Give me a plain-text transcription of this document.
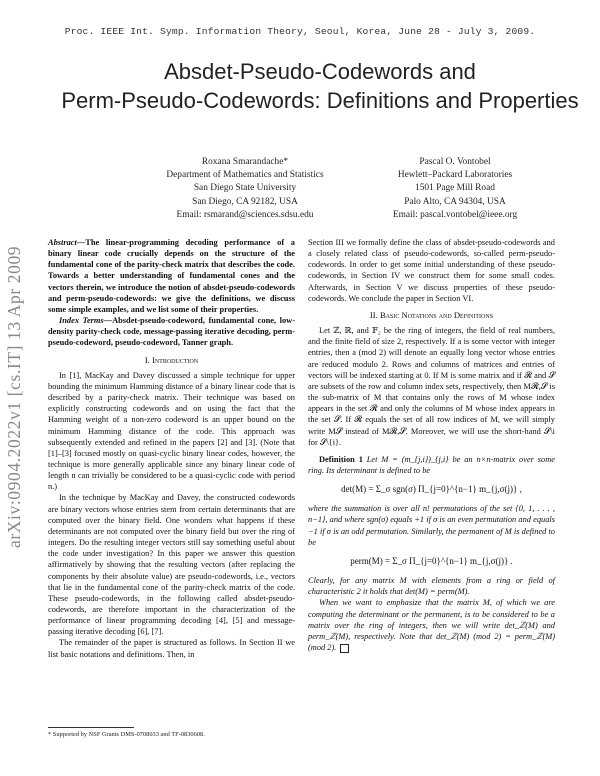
Proc. IEEE Int. Symp. Information Theory, Seoul, Korea, June 28 - July 3, 2009.
Absdet-Pseudo-Codewords and
Perm-Pseudo-Codewords: Definitions and Properties
Roxana Smarandache*
Department of Mathematics and Statistics
San Diego State University
San Diego, CA 92182, USA
Email: rsmarand@sciences.sdsu.edu
Pascal O. Vontobel
Hewlett–Packard Laboratories
1501 Page Mill Road
Palo Alto, CA 94304, USA
Email: pascal.vontobel@ieee.org
arXiv:0904.2022v1 [cs.IT] 13 Apr 2009

Abstract—The linear-programming decoding performance of a binary linear code crucially depends on the structure of the fundamental cone of the parity-check matrix that describes the code. Towards a better understanding of fundamental cones and the vectors therein, we introduce the notion of absdet-pseudo-codewords and perm-pseudo-codewords: we give the definitions, we discuss some simple examples, and we list some of their properties.

Index Terms—Absdet-pseudo-codeword, fundamental cone, low-density parity-check code, message-passing iterative decoding, perm-pseudo-codeword, pseudo-codeword, Tanner graph.

I. Introduction

In [1], MacKay and Davey discussed a simple technique for upper bounding the minimum Hamming distance of a binary linear code that is described by a parity-check matrix. Their technique was based on explicitly constructing codewords and on using the fact that the Hamming weight of a non-zero codeword is an upper bound on the minimum Hamming distance of the code. This approach was subsequently extended and refined in the papers [2] and [3]. (Note that [1]–[3] focused mostly on quasi-cyclic binary linear codes, however, the technique is more generally applicable since any binary linear code of length n can trivially be considered to be a quasi-cyclic code with period n.)

In the technique by MacKay and Davey, the constructed codewords are binary vectors whose entries stem from certain determinants that are computed over the binary field. One wonders what happens if these determinants are not computed over the binary field but over the ring of integers. Do the resulting integer vectors still say something useful about the code under investigation? In this paper we answer this question affirmatively by showing that the resulting vectors (after replacing the components by their absolute value) are pseudo-codewords, i.e., vectors that lie in the fundamental cone of the parity-check matrix of the code. These pseudo-codewords, in the following called absdet-pseudo-codewords, are therefore important in the characterization of the performance of linear programming decoding [4], [5] and message-passing iterative decoding [6], [7].

The remainder of the paper is structured as follows. In Section II we list basic notations and definitions. Then, in

* Supported by NSF Grants DMS-0708033 and TF-0830608.

Section III we formally define the class of absdet-pseudo-codewords and a closely related class of pseudo-codewords, so-called perm-pseudo-codewords. In order to get some initial understanding of these pseudo-codewords, in Section IV we construct them for some small codes. Afterwards, in Section V we discuss properties of these pseudo-codewords. We conclude the paper in Section VI.

II. Basic Notations and Definitions

Let ℤ, ℝ, and 𝔽₂ be the ring of integers, the field of real numbers, and the finite field of size 2, respectively. If a is some vector with integer entries, then a (mod 2) will denote an equally long vector whose entries are reduced modulo 2. Rows and columns of matrices and entries of vectors will be indexed starting at 0. If M is some matrix and if 𝓡 and 𝓢 are subsets of the row and column index sets, respectively, then M𝓡,𝓢 is the sub-matrix of M that contains only the rows of M whose index appears in the set 𝓡 and only the columns of M whose index appears in the set 𝓢. If 𝓡 equals the set of all row indices of M, we will simply write M𝓢 instead of M𝓡,𝓢. Moreover, we will use the short-hand 𝓢\i for 𝓢\{i}.

Definition 1 Let M = (m_{j,i})_{j,i} be an n×n-matrix over some ring. Its determinant is defined to be

det(M) = Σ_σ sgn(σ) Π_{j=0}^{n−1} m_{j,σ(j)} ,

where the summation is over all n! permutations of the set {0, 1, . . . , n−1}, and where sgn(σ) equals +1 if σ is an even permutation and equals −1 if σ is an odd permutation. Similarly, the permanent of M is defined to be

perm(M) = Σ_σ Π_{j=0}^{n−1} m_{j,σ(j)} .

Clearly, for any matrix M with elements from a ring or field of characteristic 2 it holds that det(M) = perm(M).

When we want to emphasize that the matrix M, of which we are computing the determinant or the permanent, is to be considered to be a matrix over the ring of integers, then we will write det_ℤ(M) and perm_ℤ(M), respectively. Note that det_ℤ(M) (mod 2) = perm_ℤ(M) (mod 2).
